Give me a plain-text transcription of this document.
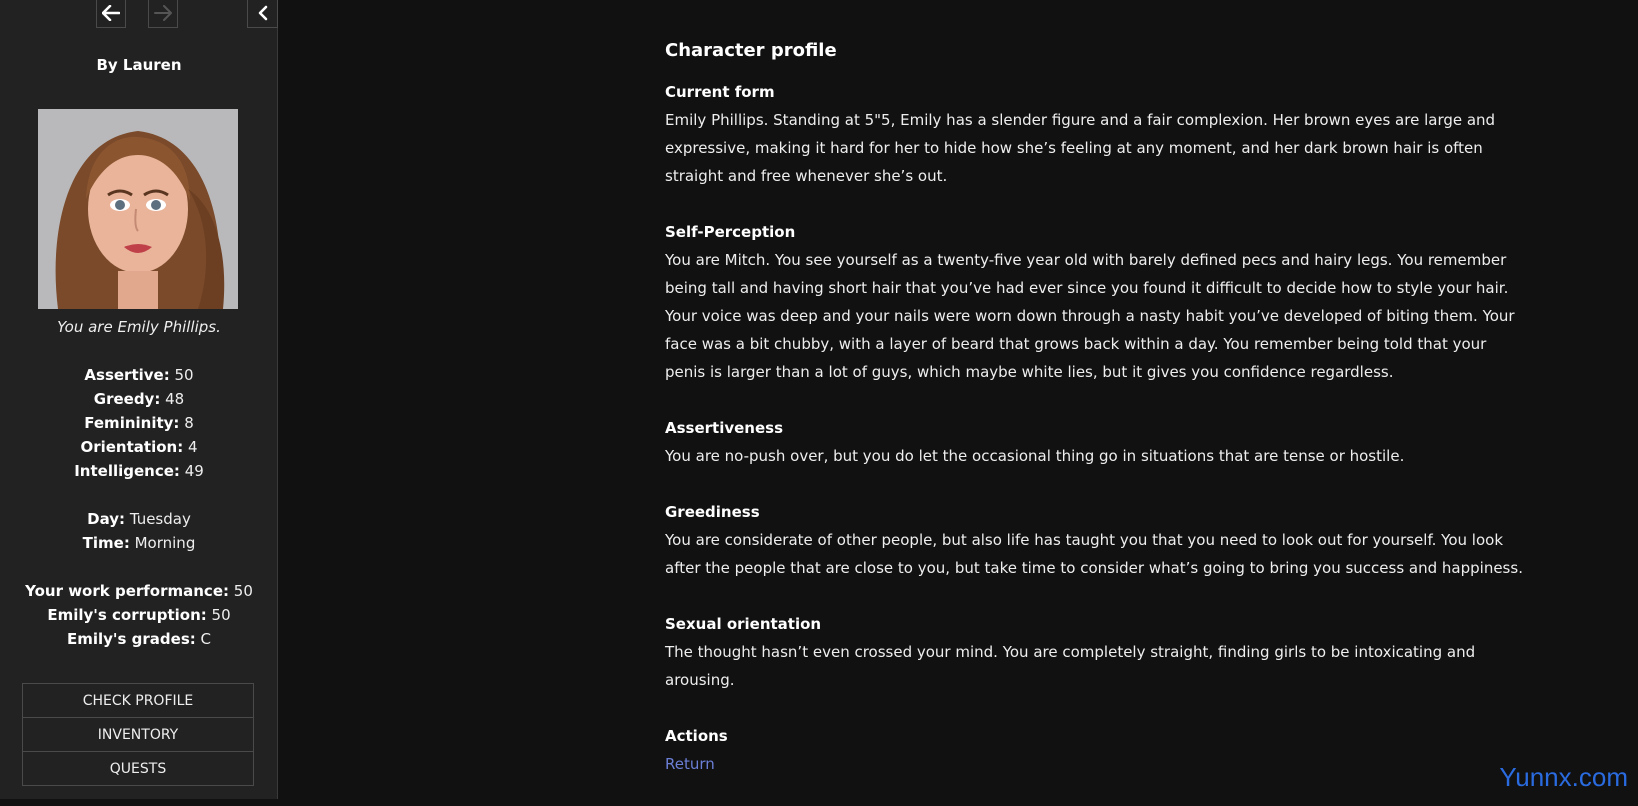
By Lauren
You are Emily Phillips.
Assertive: 50
Greedy: 48
Femininity: 8
Orientation: 4
Intelligence: 49
Day: Tuesday
Time: Morning
Your work performance: 50
Emily's corruption: 50
Emily's grades: C
CHECK PROFILE
INVENTORY
QUESTS
Character profile
Current form

Emily Phillips. Standing at 5"5, Emily has a slender figure and a fair complexion. Her brown eyes are large and expressive, making it hard for her to hide how she’s feeling at any moment, and her dark brown hair is often straight and free whenever she’s out.

Self-Perception

You are Mitch. You see yourself as a twenty-five year old with barely defined pecs and hairy legs. You remember being tall and having short hair that you’ve had ever since you found it difficult to decide how to style your hair. Your voice was deep and your nails were worn down through a nasty habit you’ve developed of biting them. Your face was a bit chubby, with a layer of beard that grows back within a day. You remember being told that your penis is larger than a lot of guys, which maybe white lies, but it gives you confidence regardless.

Assertiveness

You are no-push over, but you do let the occasional thing go in situations that are tense or hostile.

Greediness

You are considerate of other people, but also life has taught you that you need to look out for yourself. You look after the people that are close to you, but take time to consider what’s going to bring you success and happiness.

Sexual orientation

The thought hasn’t even crossed your mind. You are completely straight, finding girls to be intoxicating and arousing.

Actions
Return
Yunnx.com
